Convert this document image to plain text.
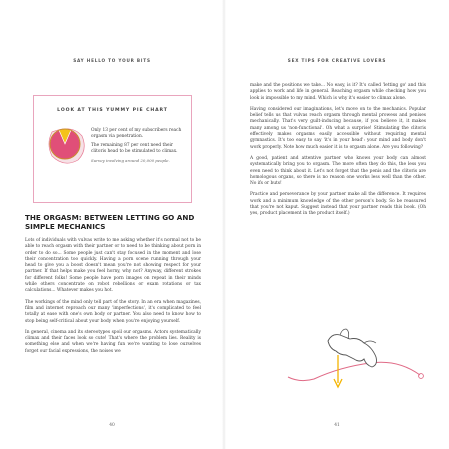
SAY HELLO TO YOUR BITS
LOOK AT THIS YUMMY PIE CHART

Only 13 per cent of my subscribers reach orgasm via penetration.

The remaining 87 per cent need their clitoris head to be stimulated to climax.

Survey involving around 20,000 people.

THE ORGASM: BETWEEN LETTING GO AND SIMPLE MECHANICS

Lots of individuals with vulvas write to me asking whether it's normal not to be able to reach orgasm with their partner or to need to be thinking about porn in order to do so... Some people just can't stay focused in the moment and lose their concentration too quickly. Having a porn scene running through your head to give you a boost doesn't mean you're not showing respect for your partner. If that helps make you feel horny, why not? Anyway, different strokes for different folks! Some people have porn images on repeat in their minds while others concentrate on robot rebellions or exam rotations or tax calculations... Whatever makes you hot.

The workings of the mind only tell part of the story. In an era when magazines, film and internet reproach our many 'imperfections', it's complicated to feel totally at ease with one's own body or partner. You also need to know how to stop being self-critical about your body when you're enjoying yourself.

In general, cinema and its stereotypes spoil our orgasms. Actors systematically climax and their faces look so cute! That's where the problem lies. Reality is something else and when we're having fun we're wanting to lose ourselves forget our facial expressions, the noises we

40
SEX TIPS FOR CREATIVE LOVERS

make and the positions we take... No easy, is it? It's called 'letting go' and this applies to work and life in general. Reaching orgasm while checking how you look is impossible to my mind. Which is why it's easier to climax alone.

Having considered our imaginations, let's move on to the mechanics. Popular belief tells us that vulvas reach orgasm through mental prowess and penises mechanically. That's very guilt-inducing because, if you believe it, it makes many among us 'non-functional'. Oh what a surprise! Stimulating the clitoris effectively makes orgasms easily accessible without requiring mental gymnastics. It's too easy to say 'it's in your head': your mind and body don't work properly. Note how much easier it is to orgasm alone. Are you following?

A good, patient and attentive partner who knows your body can almost systematically bring you to orgasm. The more often they do this, the less you even need to think about it. Let's not forget that the penis and the clitoris are homologous organs, so there is no reason one works less well than the other. No ifs or buts!

Practice and perseverance by your partner make all the difference. It requires work and a minimum knowledge of the other person's body. So be reassured that you're not kaput. Suggest instead that your partner reads this book. (Oh yes, product placement in the product itself.)

41
